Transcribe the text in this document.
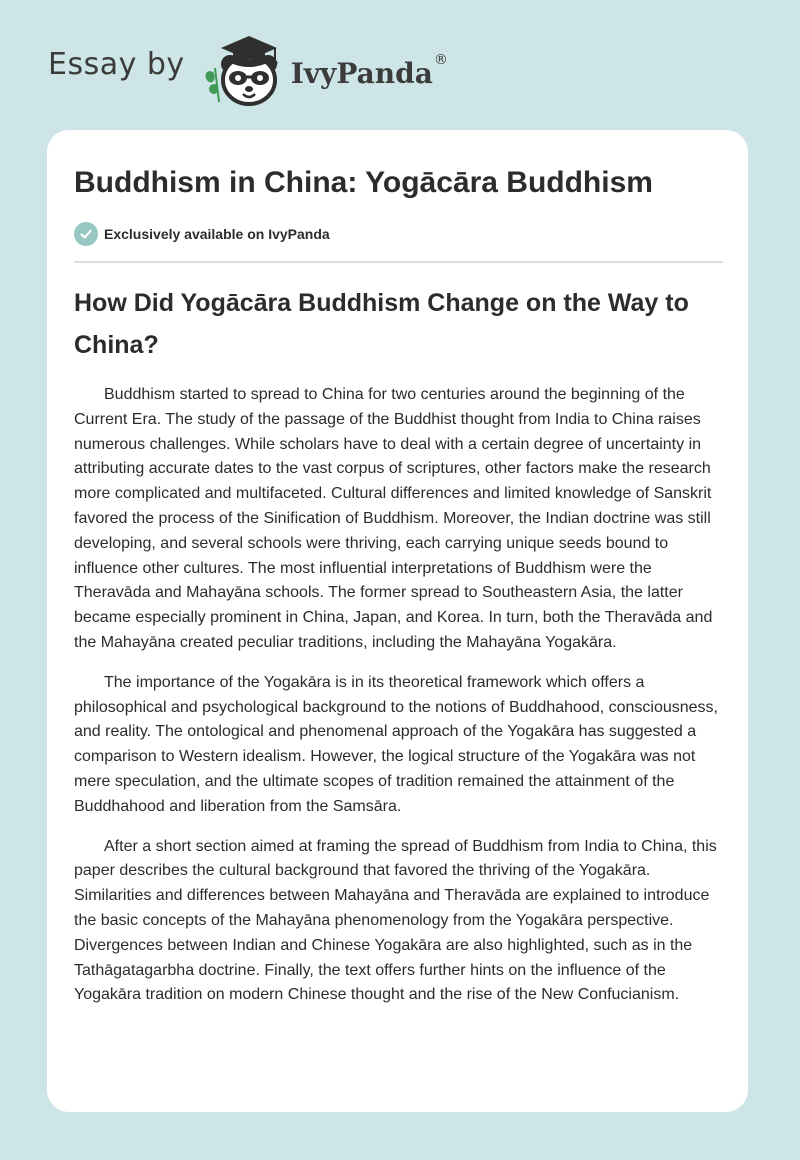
Essay by	IvyPanda ®
Buddhism in China: Yogācāra Buddhism
Exclusively available on IvyPanda
How Did Yogācāra Buddhism Change on the Way to China?

Buddhism started to spread to China for two centuries around the beginning of the Current Era. The study of the passage of the Buddhist thought from India to China raises numerous challenges. While scholars have to deal with a certain degree of uncertainty in attributing accurate dates to the vast corpus of scriptures, other factors make the research more complicated and multifaceted. Cultural differences and limited knowledge of Sanskrit favored the process of the Sinification of Buddhism. Moreover, the Indian doctrine was still developing, and several schools were thriving, each carrying unique seeds bound to influence other cultures. The most influential interpretations of Buddhism were the Theravāda and Mahayāna schools. The former spread to Southeastern Asia, the latter became especially prominent in China, Japan, and Korea. In turn, both the Theravāda and the Mahayāna created peculiar traditions, including the Mahayāna Yogakāra.

The importance of the Yogakāra is in its theoretical framework which offers a philosophical and psychological background to the notions of Buddhahood, consciousness, and reality. The ontological and phenomenal approach of the Yogakāra has suggested a comparison to Western idealism. However, the logical structure of the Yogakāra was not mere speculation, and the ultimate scopes of tradition remained the attainment of the Buddhahood and liberation from the Samsāra.

After a short section aimed at framing the spread of Buddhism from India to China, this paper describes the cultural background that favored the thriving of the Yogakāra. Similarities and differences between Mahayāna and Theravāda are explained to introduce the basic concepts of the Mahayāna phenomenology from the Yogakāra perspective. Divergences between Indian and Chinese Yogakāra are also highlighted, such as in the Tathāgatagarbha doctrine. Finally, the text offers further hints on the influence of the Yogakāra tradition on modern Chinese thought and the rise of the New Confucianism.
